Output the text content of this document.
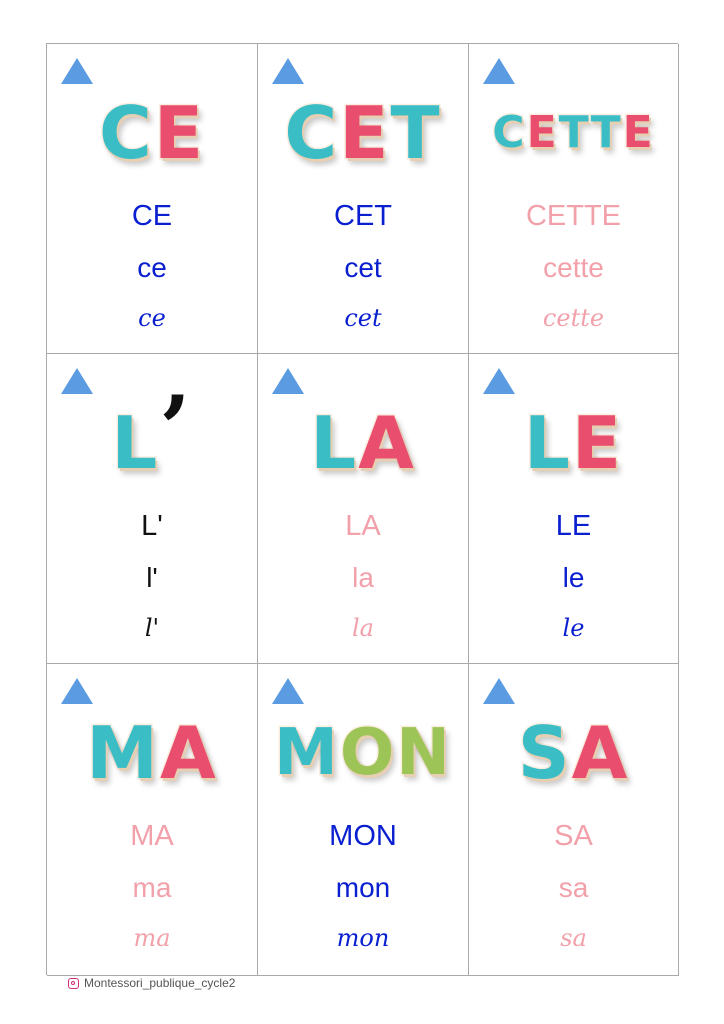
C E
CE
ce
ce
C E T
CET
cet
cet
C E T T E
CETTE
cette
cette
L ’
L'
l'
l'
L A
LA
la
la
L E
LE
le
le
M A
MA
ma
ma
M O N
MON
mon
mon
S A
SA
sa
sa
Montessori_publique_cycle2
